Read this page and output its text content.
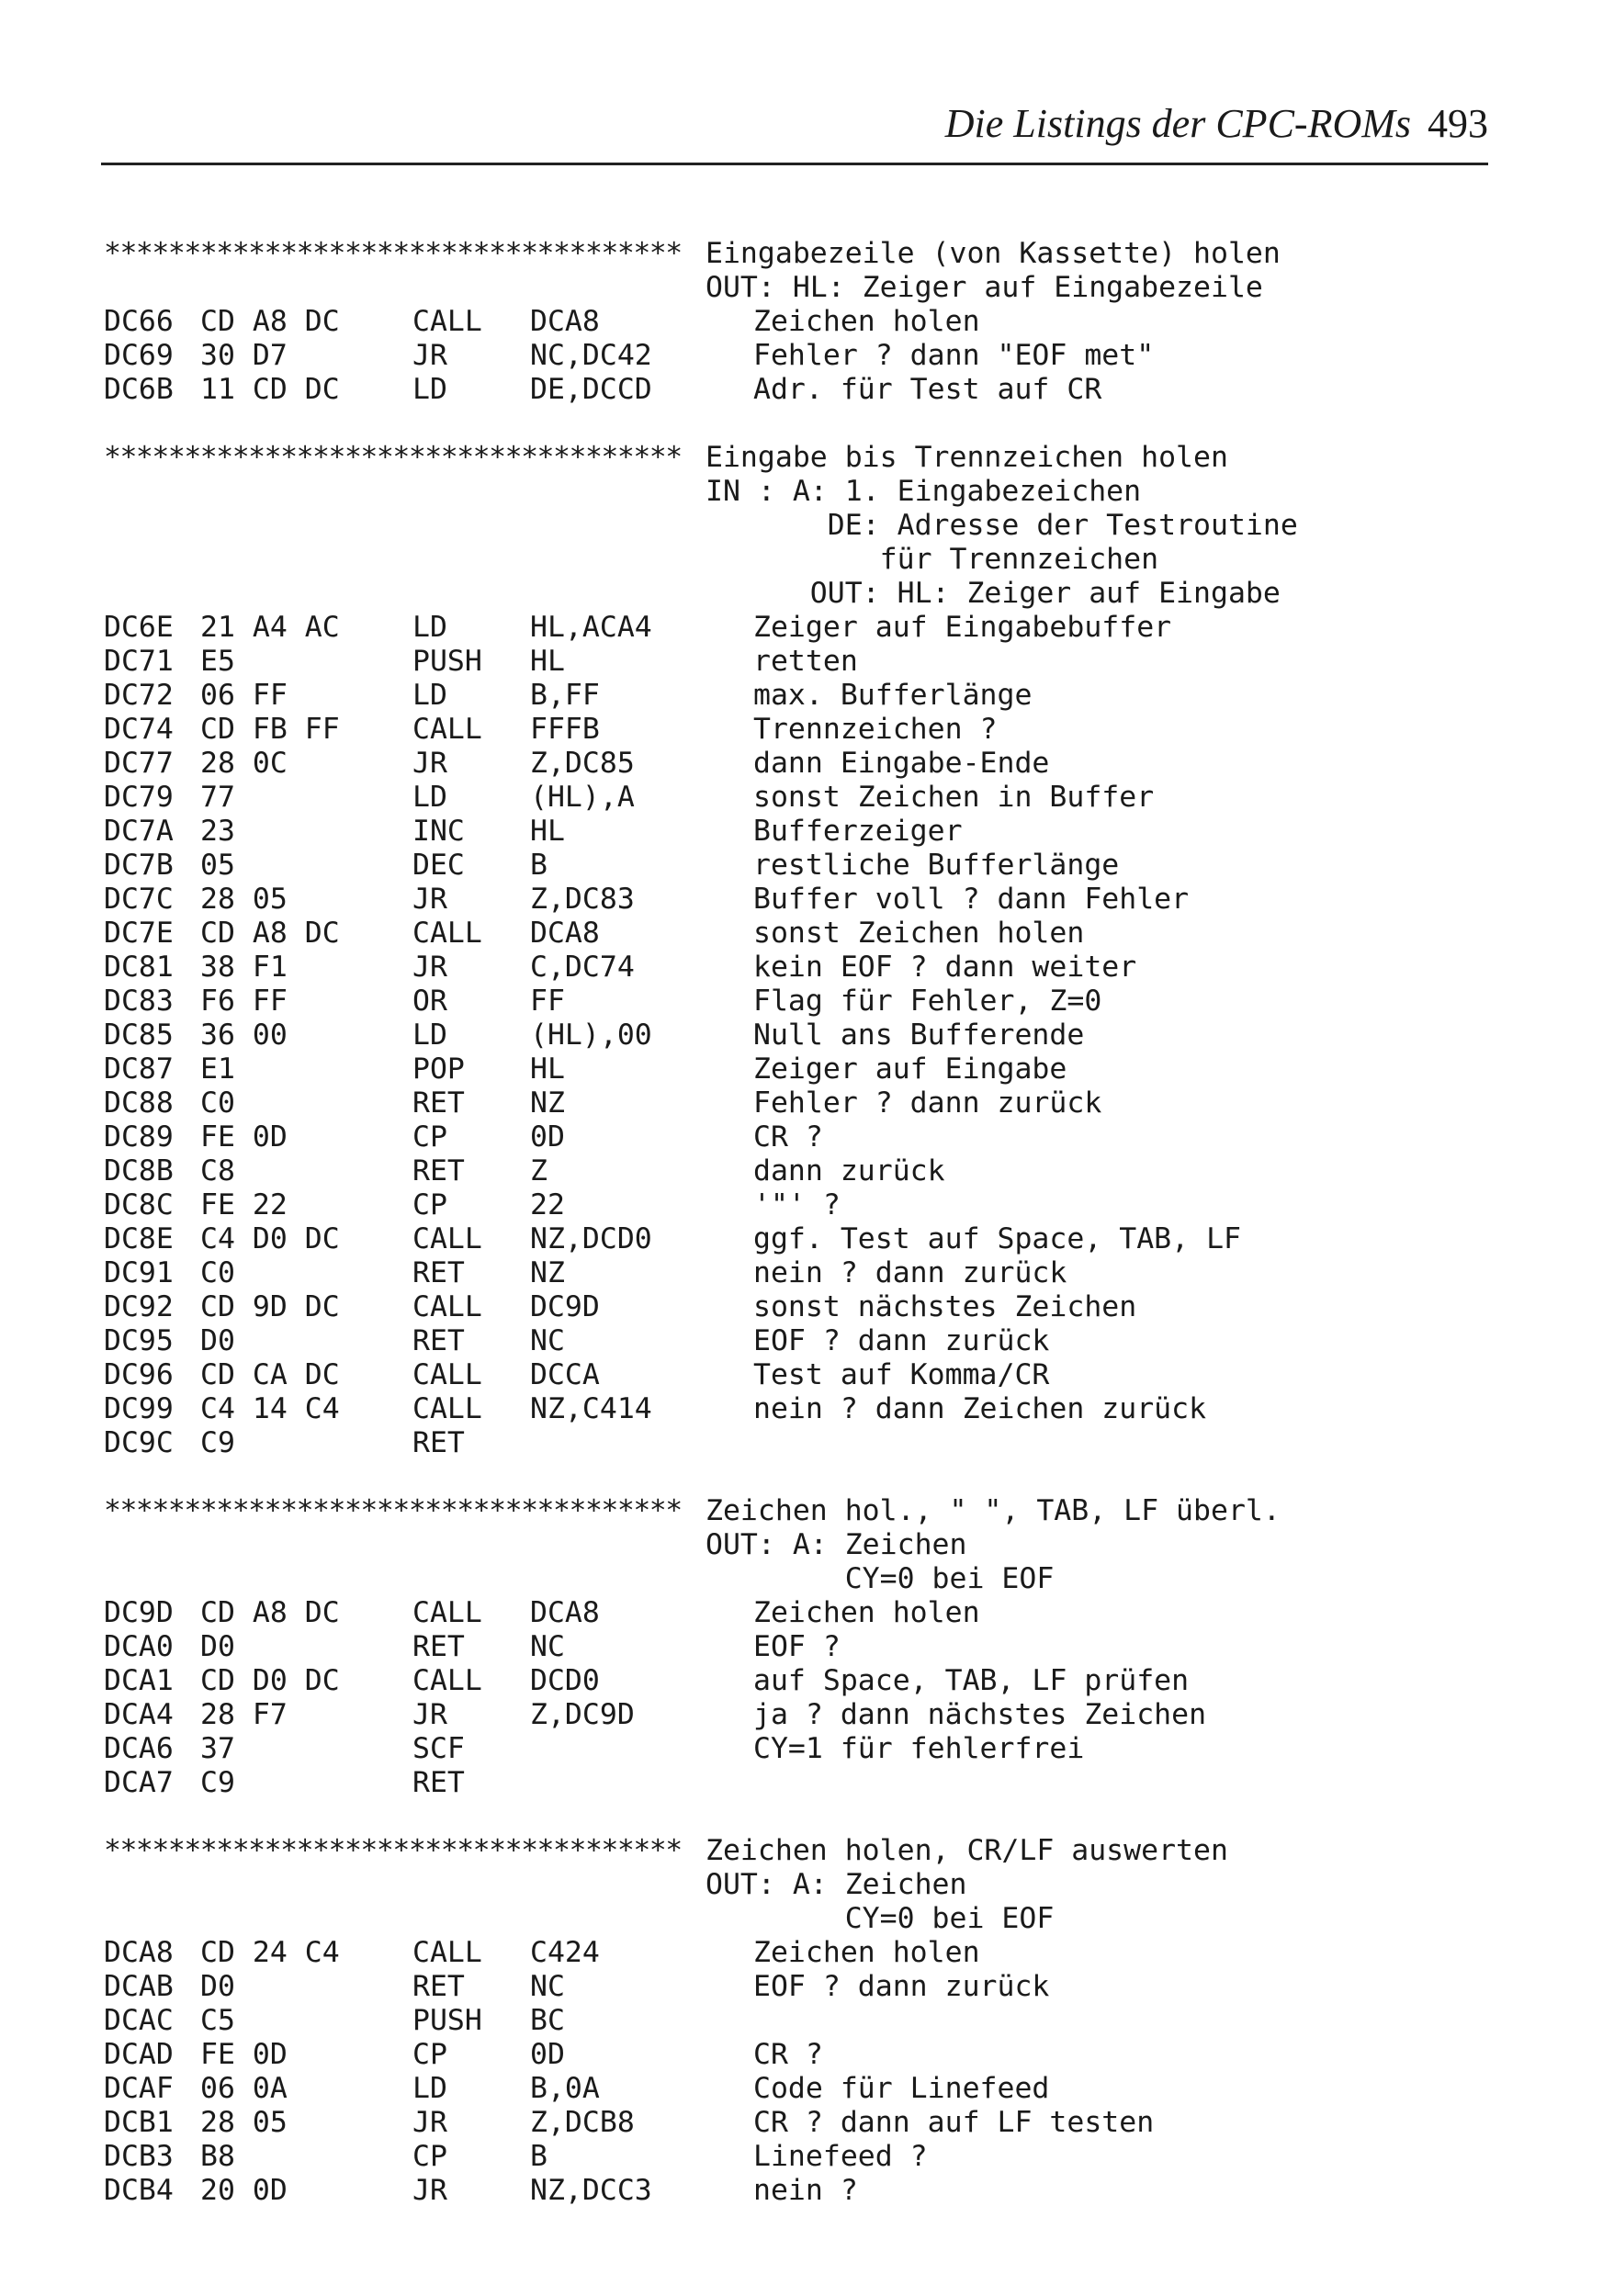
Die Listings der CPC-ROMs 493
************************************ Eingabezeile (von Kassette) holen
OUT: HL: Zeiger auf Eingabezeile
DC66 CD A8 DC	CALL DCA8	Zeichen holen
DC69 30 D7	JR	NC,DC42	Fehler ? dann "EOF met"
DC6B 11 CD DC	LD	DE,DCCD	Adr. für Test auf CR
************************************ Eingabe bis Trennzeichen holen
IN : A: 1. Eingabezeichen
DE: Adresse der Testroutine
für Trennzeichen
OUT: HL: Zeiger auf Eingabe
DC6E 21 A4 AC	LD	HL,ACA4	Zeiger auf Eingabebuffer
DC71 E5	PUSH HL	retten
DC72 06 FF	LD	B,FF	max. Bufferlänge
DC74 CD FB FF	CALL FFFB	Trennzeichen ?
DC77 28 0C	JR	Z,DC85	dann Eingabe-Ende
DC79 77	LD	(HL),A	sonst Zeichen in Buffer
DC7A 23	INC HL	Bufferzeiger
DC7B 05	DEC B	restliche Bufferlänge
DC7C 28 05	JR	Z,DC83	Buffer voll ? dann Fehler
DC7E CD A8 DC	CALL DCA8	sonst Zeichen holen
DC81 38 F1	JR	C,DC74	kein EOF ? dann weiter
DC83 F6 FF	OR	FF	Flag für Fehler, Z=0
DC85 36 00	LD	(HL),00	Null ans Bufferende
DC87 E1	POP HL	Zeiger auf Eingabe
DC88 C0	RET NZ	Fehler ? dann zurück
DC89 FE 0D	CP	0D	CR ?
DC8B C8	RET Z	dann zurück
DC8C FE 22	CP	22	'"' ?
DC8E C4 D0 DC	CALL NZ,DCD0	ggf. Test auf Space, TAB, LF
DC91 C0	RET NZ	nein ? dann zurück
DC92 CD 9D DC	CALL DC9D	sonst nächstes Zeichen
DC95 D0	RET NC	EOF ? dann zurück
DC96 CD CA DC	CALL DCCA	Test auf Komma/CR
DC99 C4 14 C4	CALL NZ,C414	nein ? dann Zeichen zurück
DC9C C9	RET
************************************ Zeichen hol., " ", TAB, LF überl.
OUT: A: Zeichen
CY=0 bei EOF
DC9D CD A8 DC	CALL DCA8	Zeichen holen
DCA0 D0	RET NC	EOF ?
DCA1 CD D0 DC	CALL DCD0	auf Space, TAB, LF prüfen
DCA4 28 F7	JR	Z,DC9D	ja ? dann nächstes Zeichen
DCA6 37	SCF	CY=1 für fehlerfrei
DCA7 C9	RET
************************************ Zeichen holen, CR/LF auswerten
OUT: A: Zeichen
CY=0 bei EOF
DCA8 CD 24 C4	CALL C424	Zeichen holen
DCAB D0	RET NC	EOF ? dann zurück
DCAC C5	PUSH BC
DCAD FE 0D	CP	0D	CR ?
DCAF 06 0A	LD	B,0A	Code für Linefeed
DCB1 28 05	JR	Z,DCB8	CR ? dann auf LF testen
DCB3 B8	CP	B	Linefeed ?
DCB4 20 0D	JR	NZ,DCC3	nein ?
